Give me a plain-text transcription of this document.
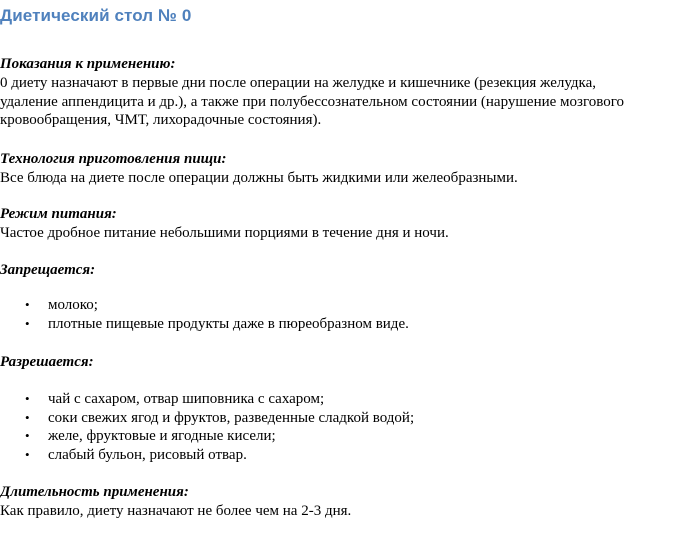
Диетический стол № 0

Показания к применению:

0 диету назначают в первые дни после операции на желудке и кишечнике (резекция желудка,

удаление аппендицита и др.), а также при полубессознательном состоянии (нарушение мозгового

кровообращения, ЧМТ, лихорадочные состояния).

Технология приготовления пищи:

Все блюда на диете после операции должны быть жидкими или желеобразными.

Режим питания:

Частое дробное питание небольшими порциями в течение дня и ночи.

Запрещается:

• молоко;
• плотные пищевые продукты даже в пюреобразном виде.

Разрешается:

• чай с сахаром, отвар шиповника с сахаром;
• соки свежих ягод и фруктов, разведенные сладкой водой;
• желе, фруктовые и ягодные кисели;
• слабый бульон, рисовый отвар.

Длительность применения:

Как правило, диету назначают не более чем на 2-3 дня.
